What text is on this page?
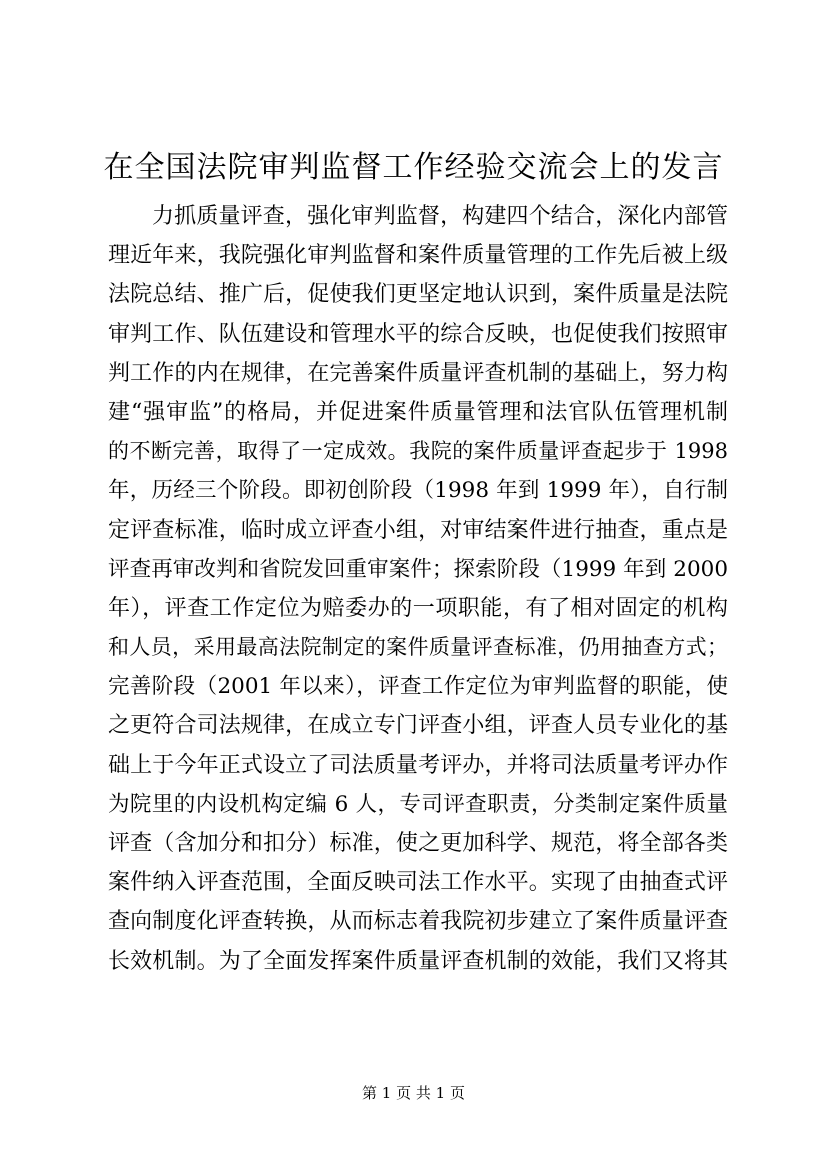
在全国法院审判监督工作经验交流会上的发言
力抓质量评查，强化审判监督，构建四个结合，深化内部管
理近年来，我院强化审判监督和案件质量管理的工作先后被上级
法院总结、推广后，促使我们更坚定地认识到，案件质量是法院
审判工作、队伍建设和管理水平的综合反映，也促使我们按照审
判工作的内在规律，在完善案件质量评查机制的基础上，努力构
建“强审监”的格局，并促进案件质量管理和法官队伍管理机制
的不断完善，取得了一定成效。我院的案件质量评查起步于 1998
年，历经三个阶段。即初创阶段（1998 年到 1999 年），自行制
定评查标准，临时成立评查小组，对审结案件进行抽查，重点是
评查再审改判和省院发回重审案件；探索阶段（1999 年到 2000
年），评查工作定位为赔委办的一项职能，有了相对固定的机构
和人员，采用最高法院制定的案件质量评查标准，仍用抽查方式；
完善阶段（2001 年以来），评查工作定位为审判监督的职能，使
之更符合司法规律，在成立专门评查小组，评查人员专业化的基
础上于今年正式设立了司法质量考评办，并将司法质量考评办作
为院里的内设机构定编 6 人，专司评查职责，分类制定案件质量
评查（含加分和扣分）标准，使之更加科学、规范，将全部各类
案件纳入评查范围，全面反映司法工作水平。实现了由抽查式评
查向制度化评查转换，从而标志着我院初步建立了案件质量评查
长效机制。为了全面发挥案件质量评查机制的效能，我们又将其
第 1 页 共 1 页
